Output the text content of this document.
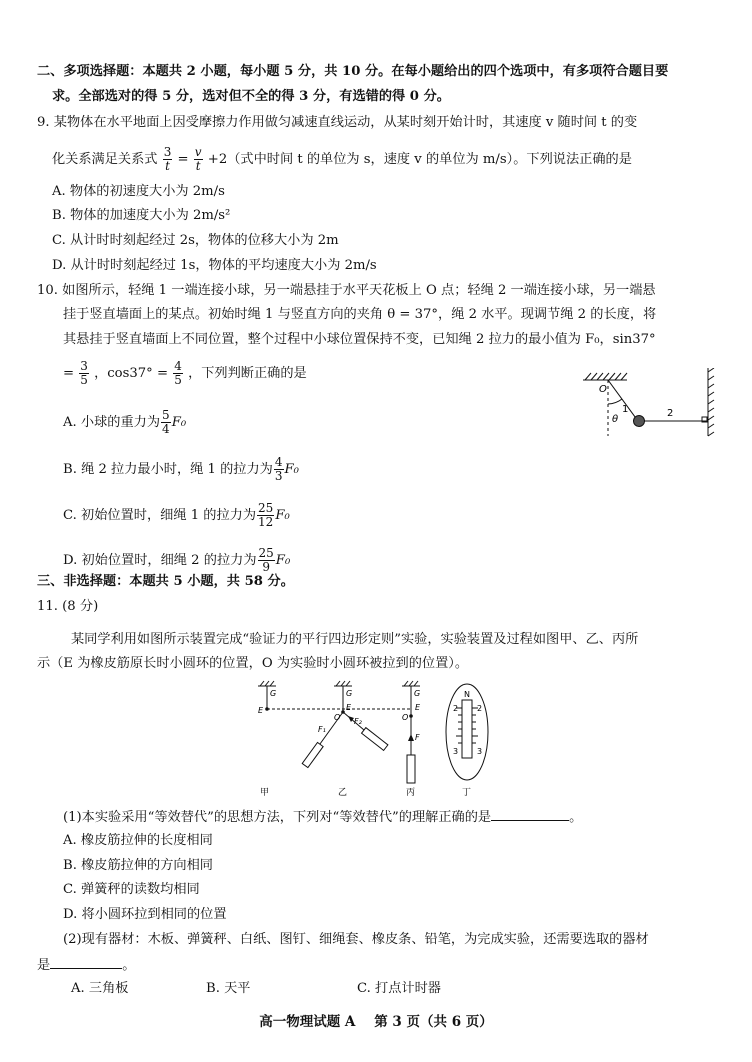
二、多项选择题：本题共 2 小题，每小题 5 分，共 10 分。在每小题给出的四个选项中，有多项符合题目要
求。全部选对的得 5 分，选对但不全的得 3 分，有选错的得 0 分。
9. 某物体在水平地面上因受摩擦力作用做匀减速直线运动，从某时刻开始计时，其速度 v 随时间 t 的变
化关系满足关系式 $\frac{3}{t} = \frac{v}{t} +2$（式中时间 t 的单位为 s，速度 v 的单位为 m/s）。下列说法正确的是
A. 物体的初速度大小为 2m/s
B. 物体的加速度大小为 2m/s²
C. 从计时时刻起经过 2s，物体的位移大小为 2m
D. 从计时时刻起经过 1s，物体的平均速度大小为 2m/s
10. 如图所示，轻绳 1 一端连接小球，另一端悬挂于水平天花板上 O 点；轻绳 2 一端连接小球，另一端悬
挂于竖直墙面上的某点。初始时绳 1 与竖直方向的夹角 θ = 37°，绳 2 水平。现调节绳 2 的长度，将
其悬挂于竖直墙面上不同位置，整个过程中小球位置保持不变，已知绳 2 拉力的最小值为 F₀，sin37°
= $\frac{3}{5}$ ，$\cos 37^\circ = \frac{4}{5}$ ，下列判断正确的是
A. 小球的重力为 $\frac{5}{4} F_0$
B. 绳 2 拉力最小时，绳 1 的拉力为 $\frac{4}{3} F_0$
C. 初始位置时，细绳 1 的拉力为 $\frac{25}{12} F_0$
D. 初始位置时，细绳 2 的拉力为 $\frac{25}{9} F_0$
O
1
θ
2
三、非选择题：本题共 5 小题，共 58 分。
11. (8 分)
某同学利用如图所示装置完成“验证力的平行四边形定则”实验，实验装置及过程如图甲、乙、丙所
示（E 为橡皮筋原长时小圆环的位置，O 为实验时小圆环被拉到的位置）。
G
E
G
E
O
F₁
F₂
G
E
O
F
N
2
3
2
3
甲	乙	丙	丁
(1)本实验采用“等效替代”的思想方法，下列对“等效替代”的理解正确的是	。
A. 橡皮筋拉伸的长度相同
B. 橡皮筋拉伸的方向相同
C. 弹簧秤的读数均相同
D. 将小圆环拉到相同的位置
(2)现有器材：木板、弹簧秤、白纸、图钉、细绳套、橡皮条、铅笔，为完成实验，还需要选取的器材
是	。
A. 三角板	B. 天平	C. 打点计时器
高一物理试题 A 第 3 页（共 6 页）
